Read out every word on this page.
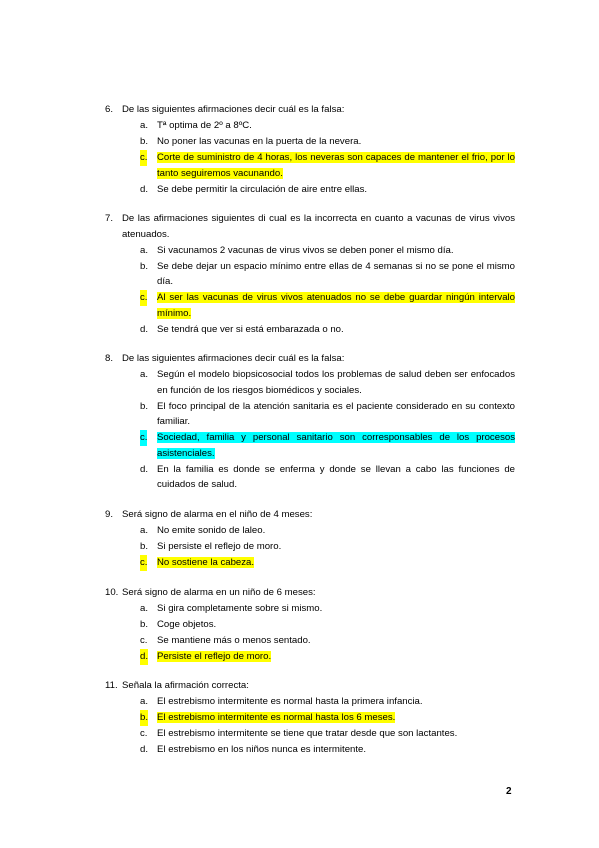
6. De las siguientes afirmaciones decir cuál es la falsa:
a. Tª optima de 2º a 8ºC.
b. No poner las vacunas en la puerta de la nevera.
c. Corte de suministro de 4 horas, los neveras son capaces de mantener el frio, por lo tanto seguiremos vacunando.
d. Se debe permitir la circulación de aire entre ellas.
7. De las afirmaciones siguientes di cual es la incorrecta en cuanto a vacunas de virus vivos atenuados.
a. Si vacunamos 2 vacunas de virus vivos se deben poner el mismo día.
b. Se debe dejar un espacio mínimo entre ellas de 4 semanas si no se pone el mismo día.
c. Al ser las vacunas de virus vivos atenuados no se debe guardar ningún intervalo mínimo.
d. Se tendrá que ver si está embarazada o no.
8. De las siguientes afirmaciones decir cuál es la falsa:
a. Según el modelo biopsicosocial todos los problemas de salud deben ser enfocados en función de los riesgos biomédicos y sociales.
b. El foco principal de la atención sanitaria es el paciente considerado en su contexto familiar.
c. Sociedad, familia y personal sanitario son corresponsables de los procesos asistenciales.
d. En la familia es donde se enferma y donde se llevan a cabo las funciones de cuidados de salud.
9. Será signo de alarma en el niño de 4 meses:
a. No emite sonido de laleo.
b. Si persiste el reflejo de moro.
c. No sostiene la cabeza.
10. Será signo de alarma en un niño de 6 meses:
a. Si gira completamente sobre si mismo.
b. Coge objetos.
c. Se mantiene más o menos sentado.
d. Persiste el reflejo de moro.
11. Señala la afirmación correcta:
a. El estrebismo intermitente es normal hasta la primera infancia.
b. El estrebismo intermitente es normal hasta los 6 meses.
c. El estrebismo intermitente se tiene que tratar desde que son lactantes.
d. El estrebismo en los niños nunca es intermitente.
2
